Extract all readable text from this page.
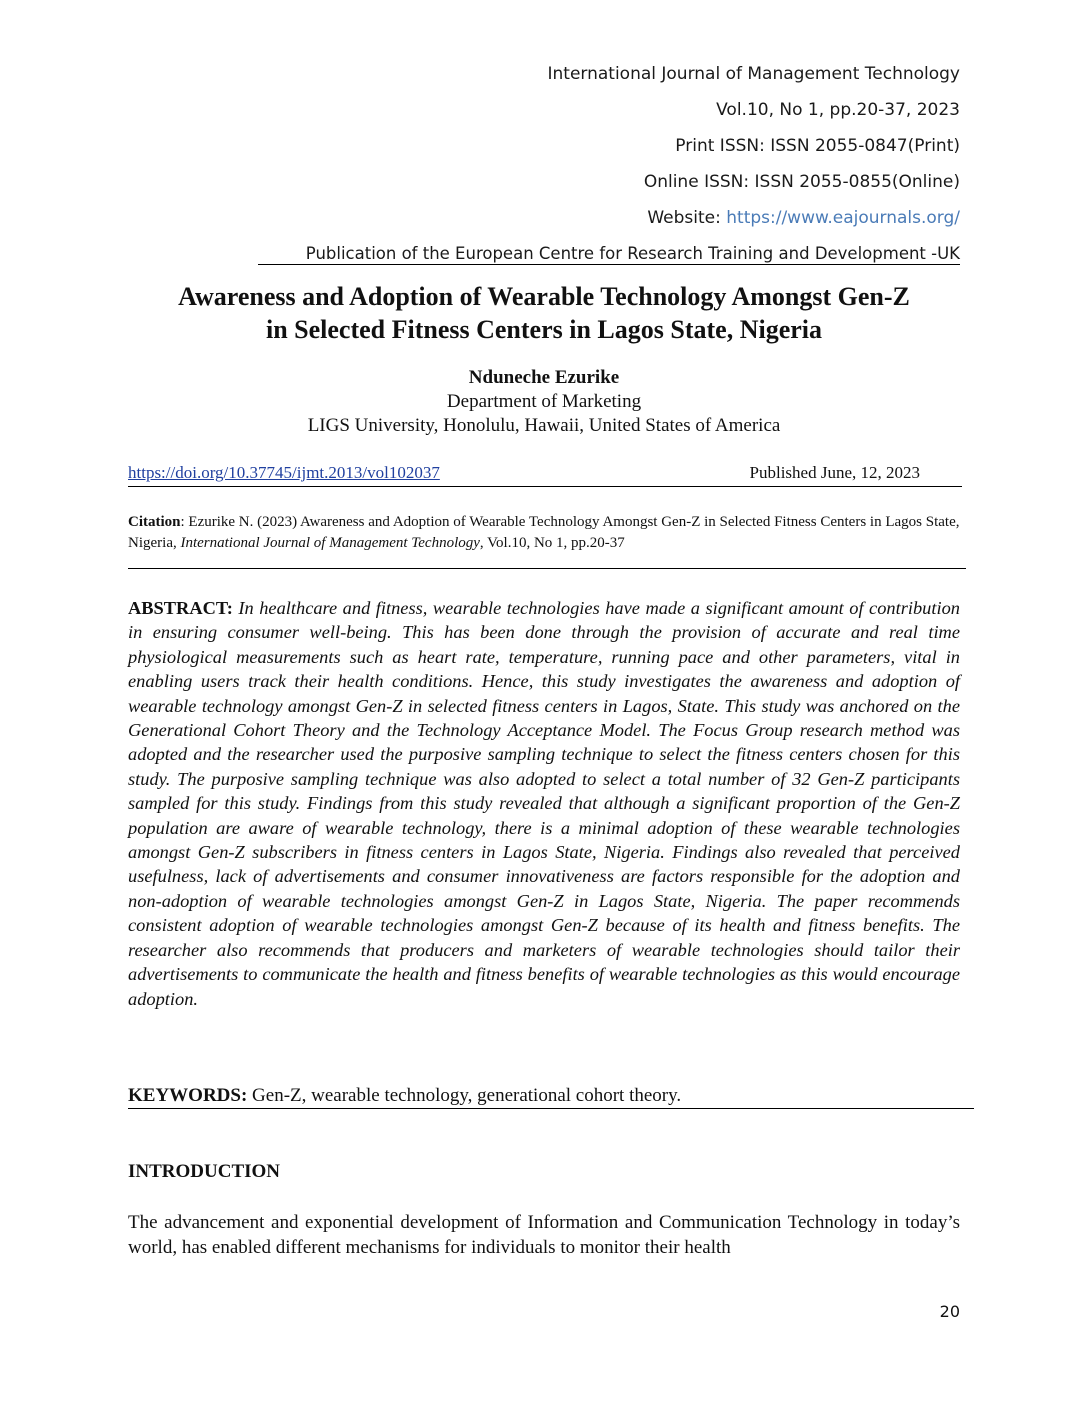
International Journal of Management Technology
Vol.10, No 1, pp.20-37, 2023
Print ISSN: ISSN 2055-0847(Print)
Online ISSN: ISSN 2055-0855(Online)
Website: https://www.eajournals.org/
Publication of the European Centre for Research Training and Development -UK
Awareness and Adoption of Wearable Technology Amongst Gen-Z
in Selected Fitness Centers in Lagos State, Nigeria
Nduneche Ezurike
Department of Marketing
LIGS University, Honolulu, Hawaii, United States of America
https://doi.org/10.37745/ijmt.2013/vol102037	Published June, 12, 2023
Citation: Ezurike N. (2023) Awareness and Adoption of Wearable Technology Amongst Gen-Z in Selected Fitness Centers in Lagos State, Nigeria, International Journal of Management Technology, Vol.10, No 1, pp.20-37
ABSTRACT: In healthcare and fitness, wearable technologies have made a significant amount of contribution in ensuring consumer well-being. This has been done through the provision of accurate and real time physiological measurements such as heart rate, temperature, running pace and other parameters, vital in enabling users track their health conditions. Hence, this study investigates the awareness and adoption of wearable technology amongst Gen-Z in selected fitness centers in Lagos, State. This study was anchored on the Generational Cohort Theory and the Technology Acceptance Model. The Focus Group research method was adopted and the researcher used the purposive sampling technique to select the fitness centers chosen for this study. The purposive sampling technique was also adopted to select a total number of 32 Gen-Z participants sampled for this study. Findings from this study revealed that although a significant proportion of the Gen-Z population are aware of wearable technology, there is a minimal adoption of these wearable technologies amongst Gen-Z subscribers in fitness centers in Lagos State, Nigeria. Findings also revealed that perceived usefulness, lack of advertisements and consumer innovativeness are factors responsible for the adoption and non-adoption of wearable technologies amongst Gen-Z in Lagos State, Nigeria. The paper recommends consistent adoption of wearable technologies amongst Gen-Z because of its health and fitness benefits. The researcher also recommends that producers and marketers of wearable technologies should tailor their advertisements to communicate the health and fitness benefits of wearable technologies as this would encourage adoption.
KEYWORDS: Gen-Z, wearable technology, generational cohort theory.
INTRODUCTION
The advancement and exponential development of Information and Communication Technology in today’s world, has enabled different mechanisms for individuals to monitor their health
20
